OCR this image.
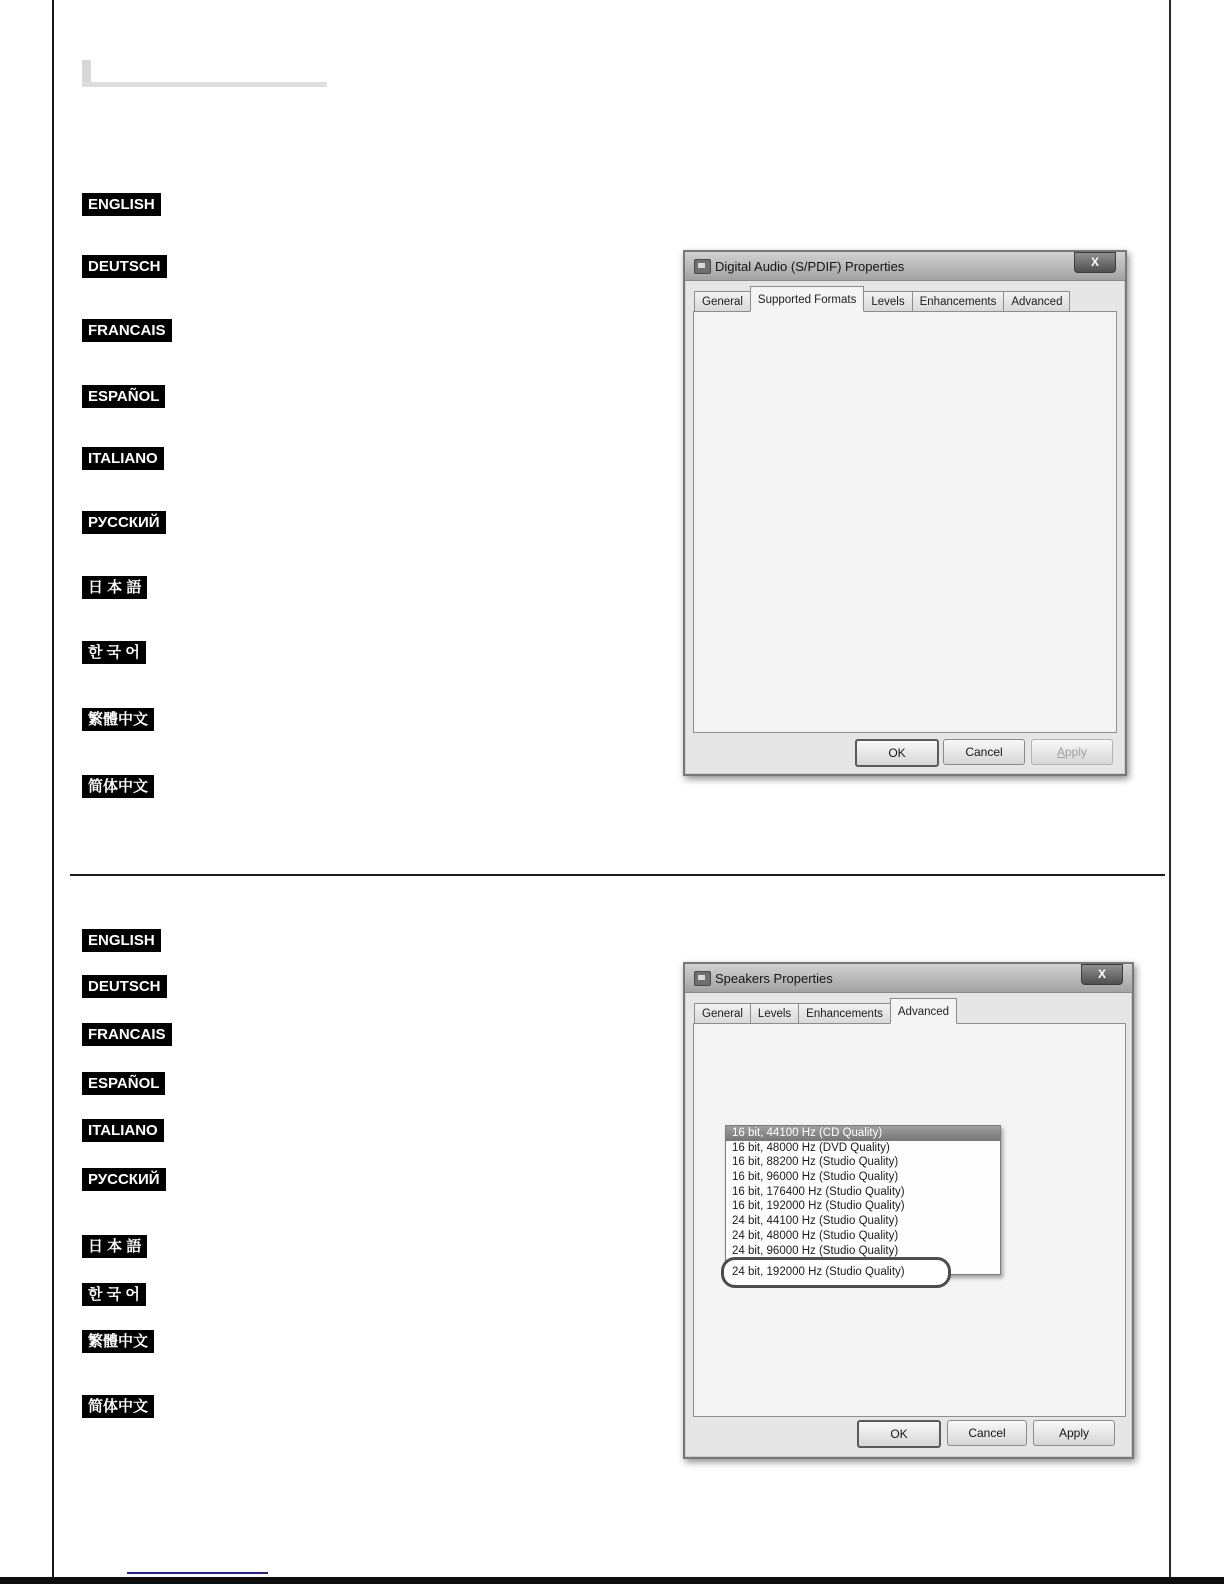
ENGLISH
DEUTSCH
FRANCAIS
ESPAÑOL
ITALIANO
РУССКИЙ
日 本 語
한 국 어
繁體中文
简体中文
ENGLISH
DEUTSCH
FRANCAIS
ESPAÑOL
ITALIANO
РУССКИЙ
日 本 語
한 국 어
繁體中文
简体中文
Digital Audio (S/PDIF) Properties	X
General	Supported Formats	Levels	Enhancements	Advanced
✓
✓
✓
✓
OK	Cancel	Apply
Speakers Properties	X
General	Levels	Enhancements	Advanced
16 bit, 44100 Hz (CD Quality)
16 bit, 48000 Hz (DVD Quality)
16 bit, 88200 Hz (Studio Quality)
16 bit, 96000 Hz (Studio Quality)
16 bit, 176400 Hz (Studio Quality)
16 bit, 192000 Hz (Studio Quality)
24 bit, 44100 Hz (Studio Quality)
24 bit, 48000 Hz (Studio Quality)
24 bit, 96000 Hz (Studio Quality)
24 bit, 192000 Hz (Studio Quality)
OK	Cancel	Apply
